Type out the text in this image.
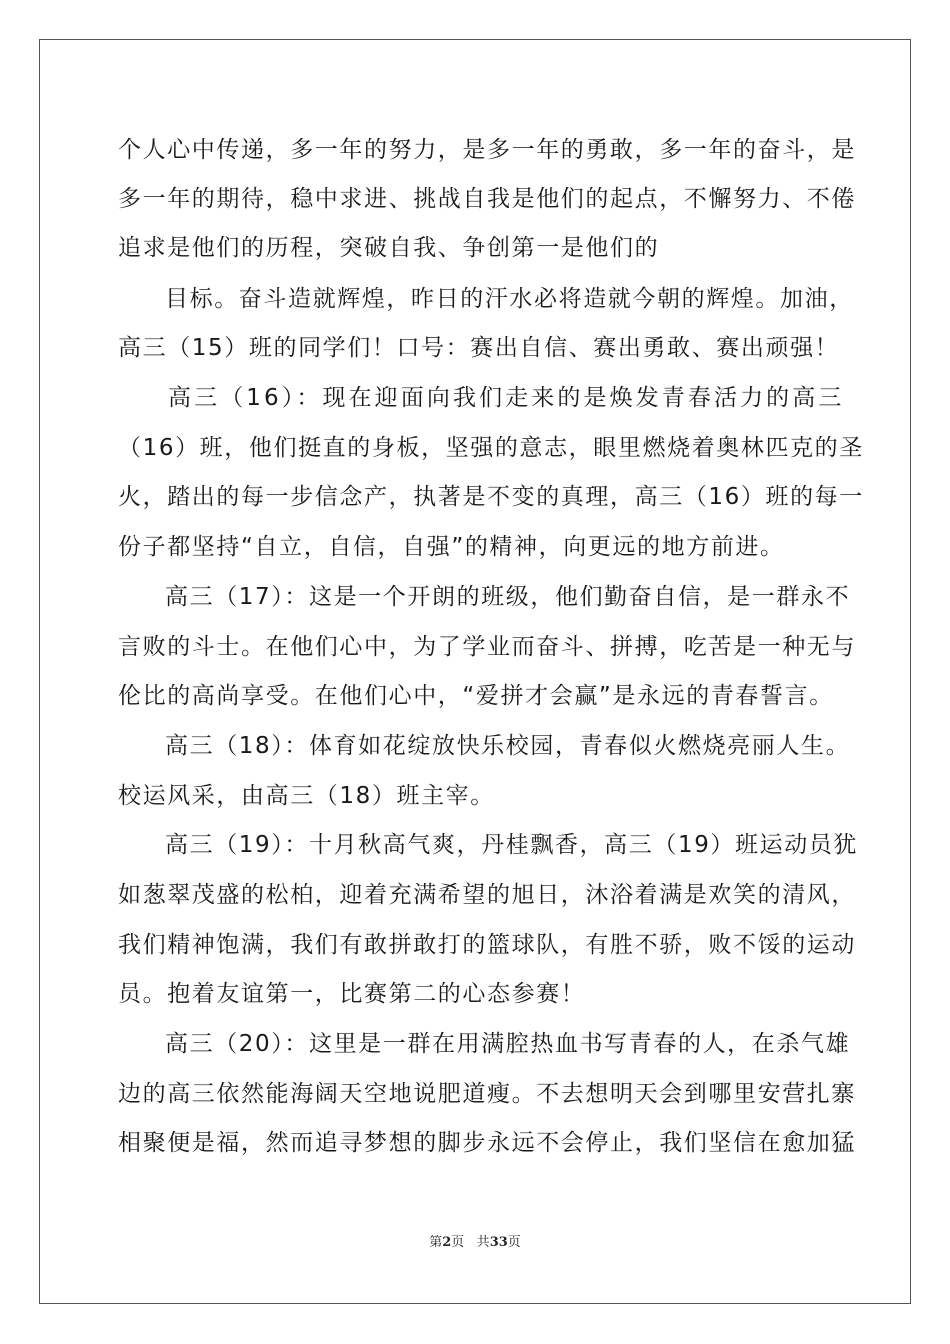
个人心中传递，多一年的努力，是多一年的勇敢，多一年的奋斗，是
多一年的期待，稳中求进、挑战自我是他们的起点，不懈努力、不倦
追求是他们的历程，突破自我、争创第一是他们的
目标。奋斗造就辉煌，昨日的汗水必将造就今朝的辉煌。加油，
高三（15）班的同学们！口号：赛出自信、赛出勇敢、赛出顽强！
高三（16）：现在迎面向我们走来的是焕发青春活力的高三
（16）班，他们挺直的身板，坚强的意志，眼里燃烧着奥林匹克的圣
火，踏出的每一步信念产，执著是不变的真理，高三（16）班的每一
份子都坚持“自立，自信，自强”的精神，向更远的地方前进。
高三（17）：这是一个开朗的班级，他们勤奋自信，是一群永不
言败的斗士。在他们心中，为了学业而奋斗、拼搏，吃苦是一种无与
伦比的高尚享受。在他们心中，“爱拼才会赢”是永远的青春誓言。
高三（18）：体育如花绽放快乐校园，青春似火燃烧亮丽人生。
校运风采，由高三（18）班主宰。
高三（19）：十月秋高气爽，丹桂飘香，高三（19）班运动员犹
如葱翠茂盛的松柏，迎着充满希望的旭日，沐浴着满是欢笑的清风，
我们精神饱满，我们有敢拼敢打的篮球队，有胜不骄，败不馁的运动
员。抱着友谊第一，比赛第二的心态参赛！
高三（20）：这里是一群在用满腔热血书写青春的人，在杀气雄
边的高三依然能海阔天空地说肥道瘦。不去想明天会到哪里安营扎寨
相聚便是福，然而追寻梦想的脚步永远不会停止，我们坚信在愈加猛
第2页 共33页
